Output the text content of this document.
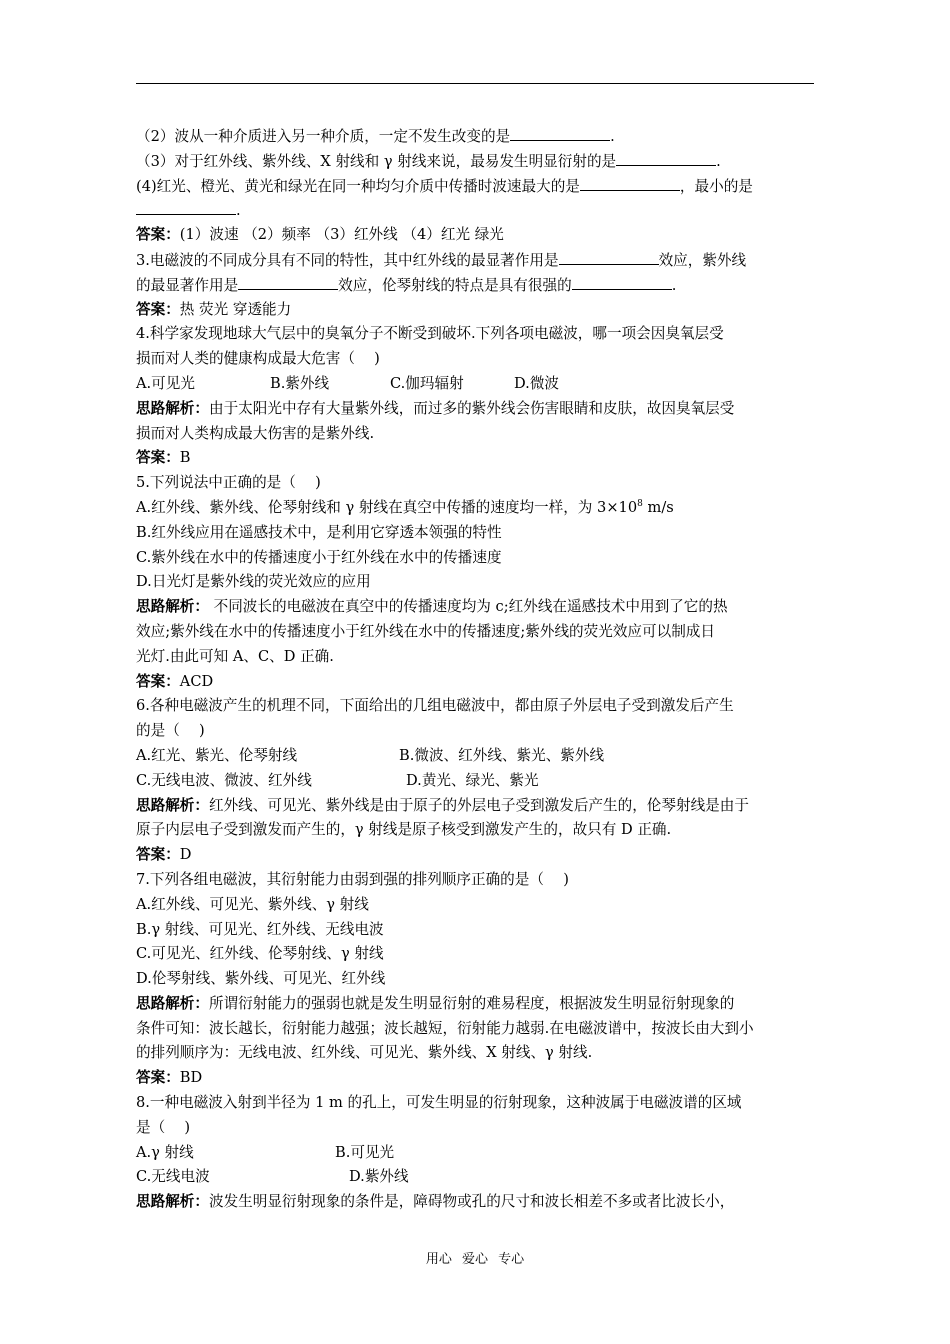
（2）波从一种介质进入另一种介质，一定不发生改变的是	.
（3）对于红外线、紫外线、X 射线和 γ 射线来说，最易发生明显衍射的是	.
(4)红光、橙光、黄光和绿光在同一种均匀介质中传播时波速最大的是	，最小的是
.
答案：(1）波速 （2）频率 （3）红外线 （4）红光 绿光
3.电磁波的不同成分具有不同的特性，其中红外线的最显著作用是	效应，紫外线
的最显著作用是	效应，伦琴射线的特点是具有很强的	.
答案：热 荧光 穿透能力
4.科学家发现地球大气层中的臭氧分子不断受到破坏.下列各项电磁波，哪一项会因臭氧层受
损而对人类的健康构成最大危害（　 )
A.可见光	B.紫外线	C.伽玛辐射	D.微波
思路解析：由于太阳光中存有大量紫外线，而过多的紫外线会伤害眼睛和皮肤，故因臭氧层受
损而对人类构成最大伤害的是紫外线.
答案：B
5.下列说法中正确的是（　 )
A.红外线、紫外线、伦琴射线和 γ 射线在真空中传播的速度均一样，为 $3\times 10^8$ m/s
B.红外线应用在遥感技术中，是利用它穿透本领强的特性
C.紫外线在水中的传播速度小于红外线在水中的传播速度
D.日光灯是紫外线的荧光效应的应用
思路解析： 不同波长的电磁波在真空中的传播速度均为 c;红外线在遥感技术中用到了它的热
效应;紫外线在水中的传播速度小于红外线在水中的传播速度;紫外线的荧光效应可以制成日
光灯.由此可知 A、C、D 正确.
答案：ACD
6.各种电磁波产生的机理不同，下面给出的几组电磁波中，都由原子外层电子受到激发后产生
的是（　 )
A.红光、紫光、伦琴射线	B.微波、红外线、紫光、紫外线
C.无线电波、微波、红外线	D.黄光、绿光、紫光
思路解析：红外线、可见光、紫外线是由于原子的外层电子受到激发后产生的，伦琴射线是由于
原子内层电子受到激发而产生的，γ 射线是原子核受到激发产生的，故只有 D 正确.
答案：D
7.下列各组电磁波，其衍射能力由弱到强的排列顺序正确的是（　 )
A.红外线、可见光、紫外线、γ 射线
B.γ 射线、可见光、红外线、无线电波
C.可见光、红外线、伦琴射线、γ 射线
D.伦琴射线、紫外线、可见光、红外线
思路解析：所谓衍射能力的强弱也就是发生明显衍射的难易程度，根据波发生明显衍射现象的
条件可知：波长越长，衍射能力越强；波长越短，衍射能力越弱.在电磁波谱中，按波长由大到小
的排列顺序为：无线电波、红外线、可见光、紫外线、X 射线、γ 射线.
答案：BD
8.一种电磁波入射到半径为 1 m 的孔上，可发生明显的衍射现象，这种波属于电磁波谱的区域
是（　 )
A.γ 射线	B.可见光
C.无线电波	D.紫外线
思路解析：波发生明显衍射现象的条件是，障碍物或孔的尺寸和波长相差不多或者比波长小，
用心 爱心 专心
